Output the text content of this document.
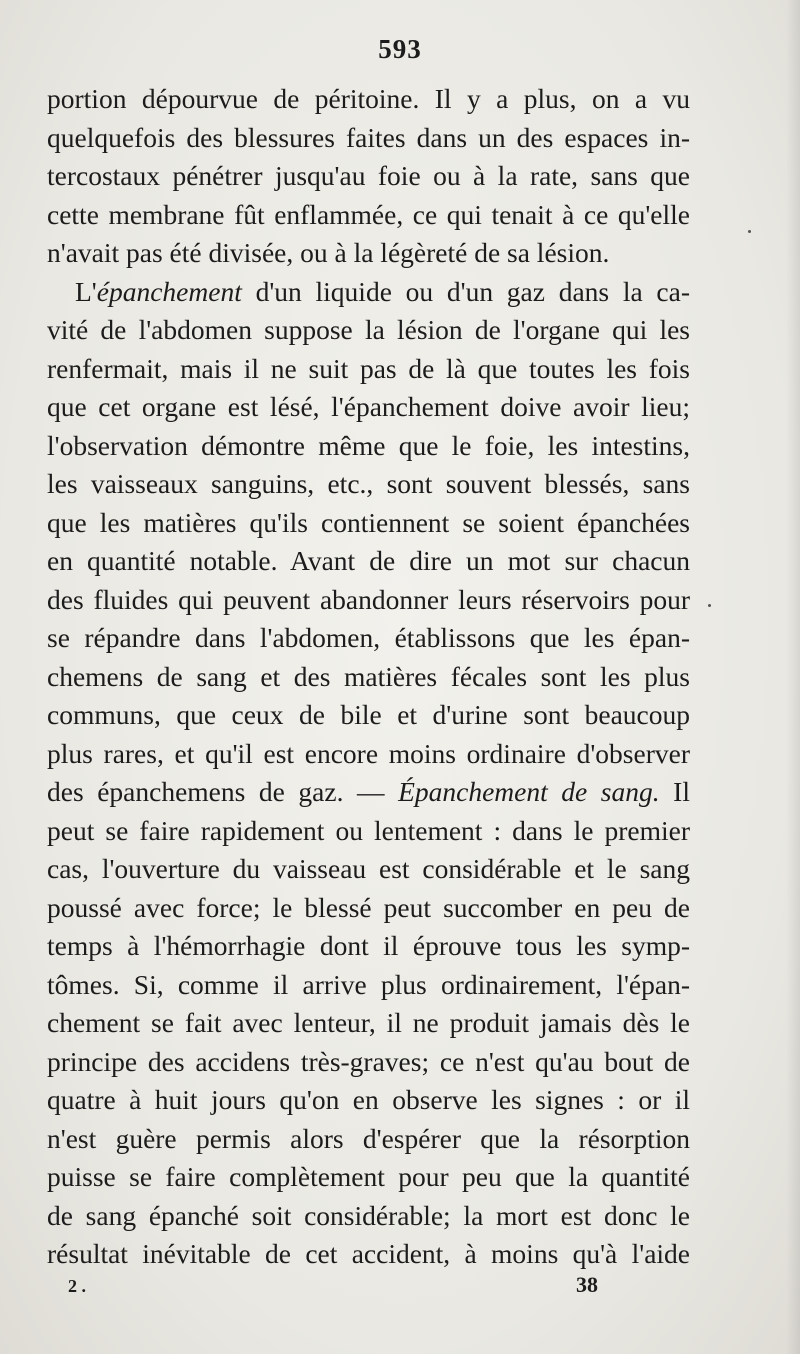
593
portion dépourvue de péritoine. Il y a plus, on a vu
quelquefois des blessures faites dans un des espaces in-
tercostaux pénétrer jusqu'au foie ou à la rate, sans que
cette membrane fût enflammée, ce qui tenait à ce qu'elle
n'avait pas été divisée, ou à la légèreté de sa lésion.
L'épanchement d'un liquide ou d'un gaz dans la ca-
vité de l'abdomen suppose la lésion de l'organe qui les
renfermait, mais il ne suit pas de là que toutes les fois
que cet organe est lésé, l'épanchement doive avoir lieu;
l'observation démontre même que le foie, les intestins,
les vaisseaux sanguins, etc., sont souvent blessés, sans
que les matières qu'ils contiennent se soient épanchées
en quantité notable. Avant de dire un mot sur chacun
des fluides qui peuvent abandonner leurs réservoirs pour
se répandre dans l'abdomen, établissons que les épan-
chemens de sang et des matières fécales sont les plus
communs, que ceux de bile et d'urine sont beaucoup
plus rares, et qu'il est encore moins ordinaire d'observer
des épanchemens de gaz. — Épanchement de sang. Il
peut se faire rapidement ou lentement : dans le premier
cas, l'ouverture du vaisseau est considérable et le sang
poussé avec force; le blessé peut succomber en peu de
temps à l'hémorrhagie dont il éprouve tous les symp-
tômes. Si, comme il arrive plus ordinairement, l'épan-
chement se fait avec lenteur, il ne produit jamais dès le
principe des accidens très-graves; ce n'est qu'au bout de
quatre à huit jours qu'on en observe les signes : or il
n'est guère permis alors d'espérer que la résorption
puisse se faire complètement pour peu que la quantité
de sang épanché soit considérable; la mort est donc le
résultat inévitable de cet accident, à moins qu'à l'aide
2 .	38
